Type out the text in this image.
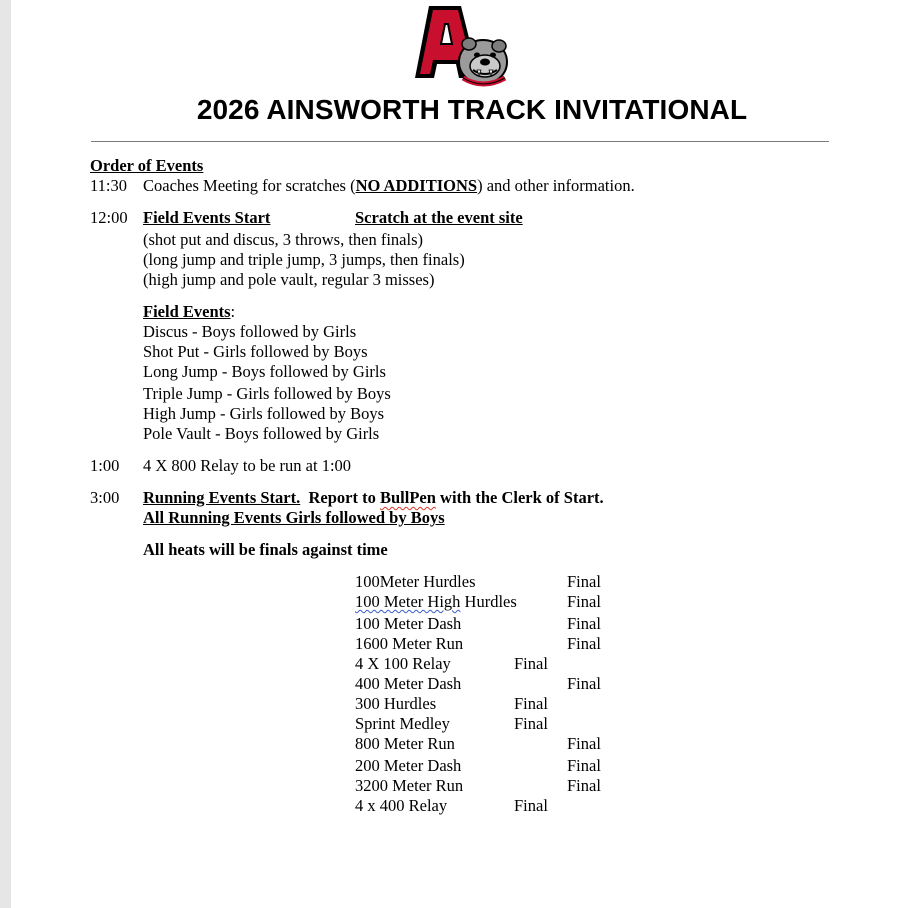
2026 AINSWORTH TRACK INVITATIONAL
Order of Events
11:30 Coaches Meeting for scratches (NO ADDITIONS) and other information.
12:00 Field Events Start	Scratch at the event site
(shot put and discus, 3 throws, then finals)
(long jump and triple jump, 3 jumps, then finals)
(high jump and pole vault, regular 3 misses)
Field Events:
Discus - Boys followed by Girls
Shot Put - Girls followed by Boys
Long Jump - Boys followed by Girls
Triple Jump - Girls followed by Boys
High Jump - Girls followed by Boys
Pole Vault - Boys followed by Girls
1:00 4 X 800 Relay to be run at 1:00
3:00 Running Events Start. Report to BullPen with the Clerk of Start.
All Running Events Girls followed by Boys
All heats will be finals against time
100Meter Hurdles	Final
100 Meter High Hurdles	Final
100 Meter Dash	Final
1600 Meter Run	Final
4 X 100 Relay	Final
400 Meter Dash	Final
300 Hurdles	Final
Sprint Medley	Final
800 Meter Run	Final
200 Meter Dash	Final
3200 Meter Run	Final
4 x 400 Relay	Final
